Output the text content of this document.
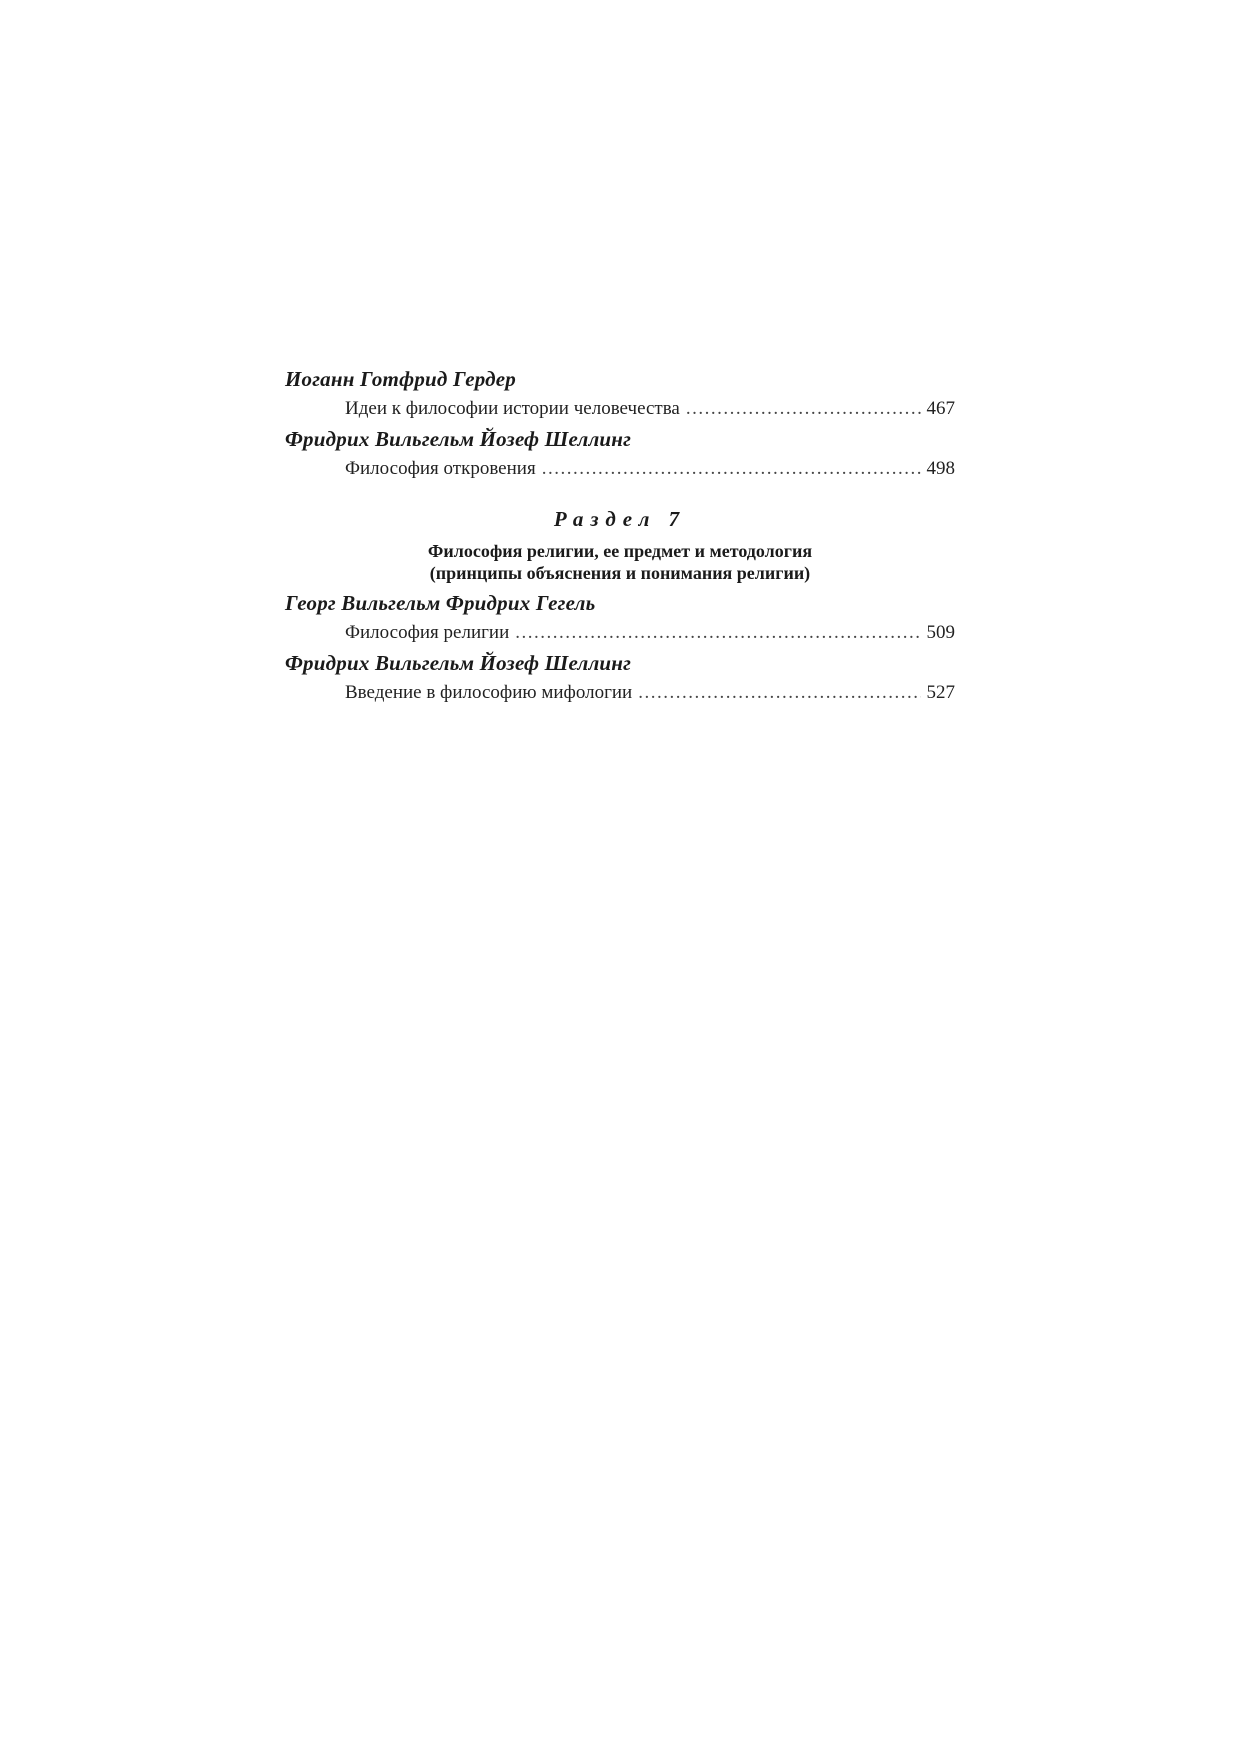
Иоганн Готфрид Гердер
Идеи к философии истории человечества .....	467
Фридрих Вильгельм Йозеф Шеллинг
Философия откровения .....	498
Раздел 7
Философия религии, ее предмет и методология
(принципы объяснения и понимания религии)
Георг Вильгельм Фридрих Гегель
Философия религии .....	509
Фридрих Вильгельм Йозеф Шеллинг
Введение в философию мифологии .....	527
